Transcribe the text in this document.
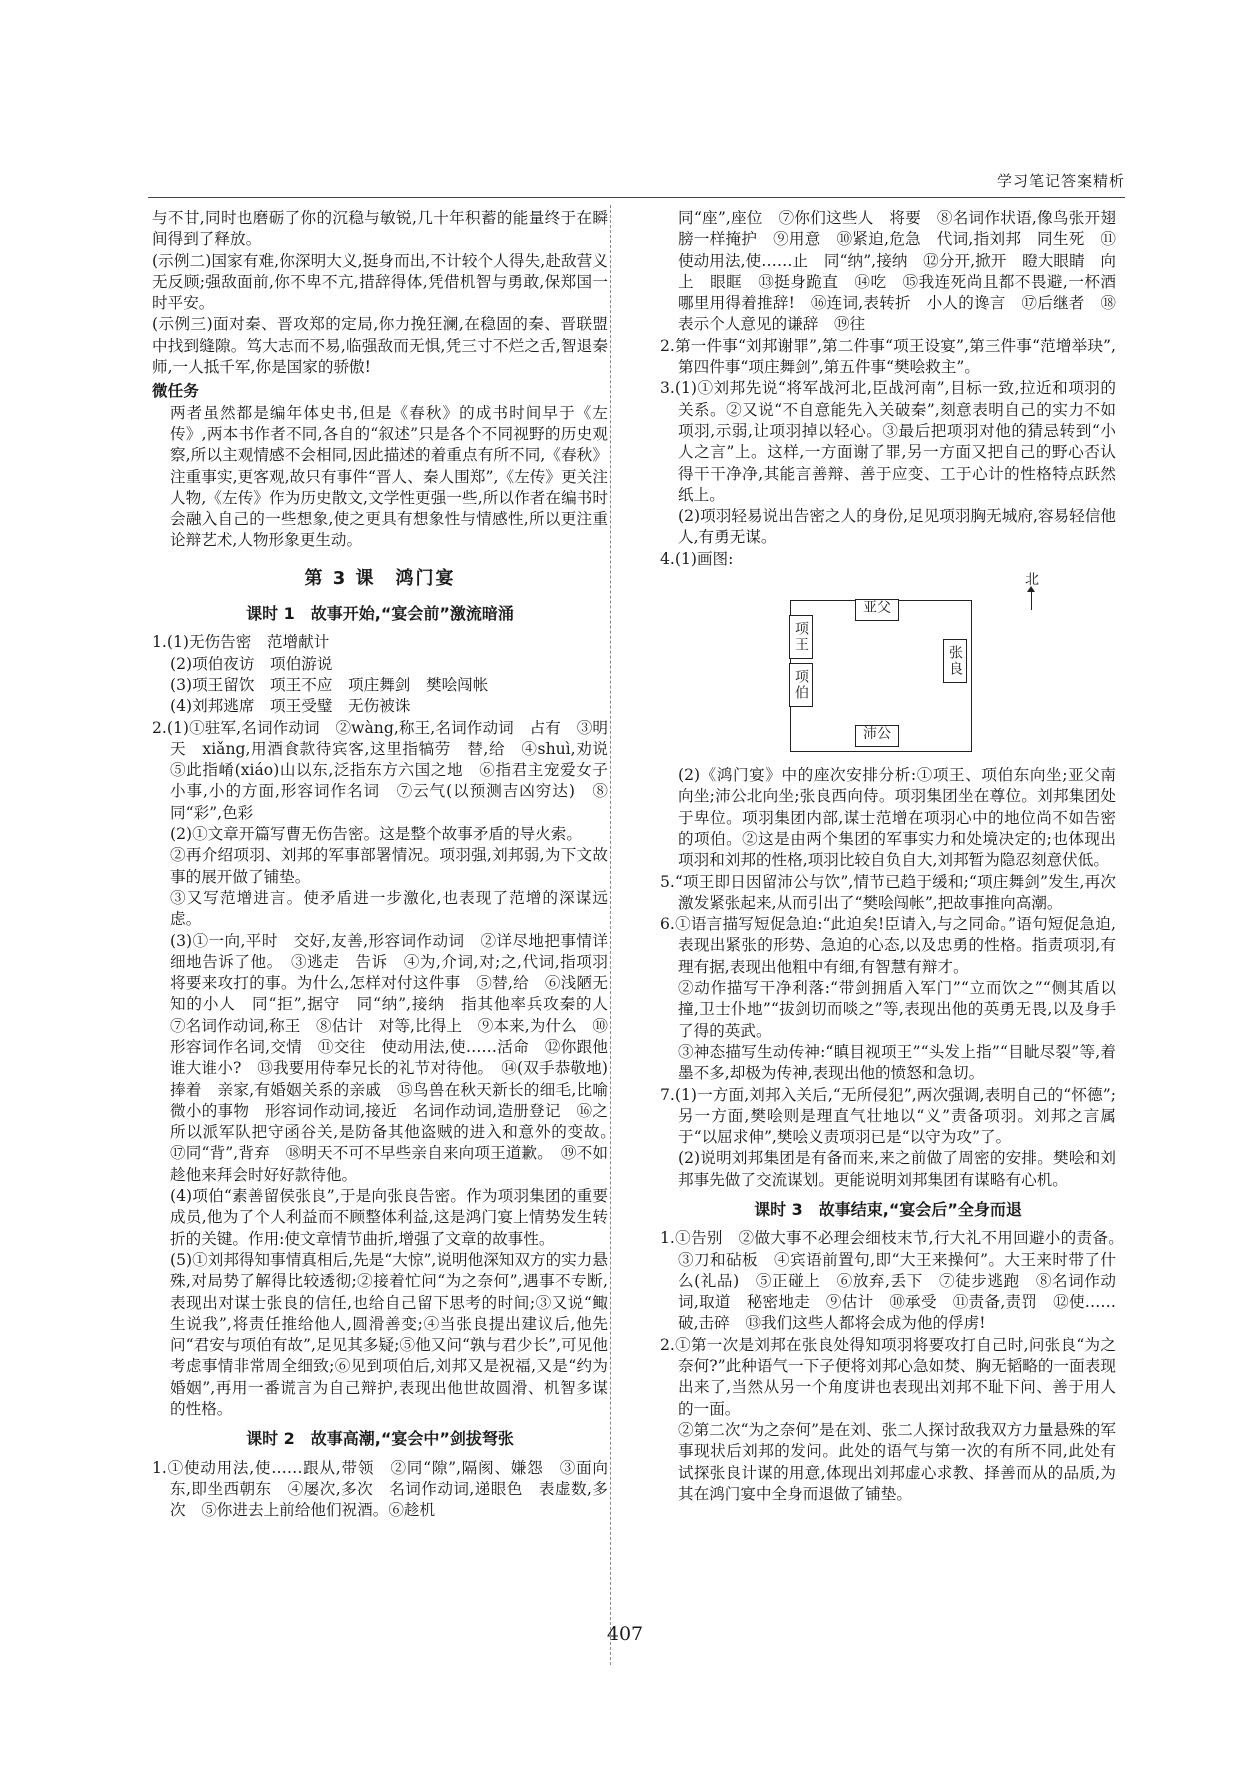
学习笔记答案精析

与不甘,同时也磨砺了你的沉稳与敏锐,几十年积蓄的能量终于在瞬间得到了释放。

(示例二)国家有难,你深明大义,挺身而出,不计较个人得失,赴敌营义无反顾;强敌面前,你不卑不亢,措辞得体,凭借机智与勇敢,保郑国一时平安。

(示例三)面对秦、晋攻郑的定局,你力挽狂澜,在稳固的秦、晋联盟中找到缝隙。笃大志而不易,临强敌而无惧,凭三寸不烂之舌,智退秦师,一人抵千军,你是国家的骄傲!

微任务

两者虽然都是编年体史书,但是《春秋》的成书时间早于《左传》,两本书作者不同,各自的“叙述”只是各个不同视野的历史观察,所以主观情感不会相同,因此描述的着重点有所不同,《春秋》注重事实,更客观,故只有事件“晋人、秦人围郑”,《左传》更关注人物,《左传》作为历史散文,文学性更强一些,所以作者在编书时会融入自己的一些想象,使之更具有想象性与情感性,所以更注重论辩艺术,人物形象更生动。

第 3 课　鸿门宴
课时 1　故事开始,“宴会前”激流暗涌

1.(1)无伤告密　范增献计

(2)项伯夜访　项伯游说

(3)项王留饮　项王不应　项庄舞剑　樊哙闯帐

(4)刘邦逃席　项王受璧　无伤被诛

2.(1)①驻军,名词作动词　②wàng,称王,名词作动词　占有　③明天　xiǎng,用酒食款待宾客,这里指犒劳　替,给　④shuì,劝说　⑤此指崤(xiáo)山以东,泛指东方六国之地　⑥指君主宠爱女子　小事,小的方面,形容词作名词　⑦云气(以预测吉凶穷达)　⑧同“彩”,色彩

(2)①文章开篇写曹无伤告密。这是整个故事矛盾的导火索。

②再介绍项羽、刘邦的军事部署情况。项羽强,刘邦弱,为下文故事的展开做了铺垫。

③又写范增进言。使矛盾进一步激化,也表现了范增的深谋远虑。

(3)①一向,平时　交好,友善,形容词作动词　②详尽地把事情详细地告诉了他。　③逃走　告诉　④为,介词,对;之,代词,指项羽将要来攻打的事。为什么,怎样对付这件事　⑤替,给　⑥浅陋无知的小人　同“拒”,据守　同“纳”,接纳　指其他率兵攻秦的人　⑦名词作动词,称王　⑧估计　对等,比得上　⑨本来,为什么　⑩　形容词作名词,交情　⑪交往　使动用法,使……活命　⑫你跟他谁大谁小?　⑬我要用侍奉兄长的礼节对待他。　⑭(双手恭敬地)捧着　亲家,有婚姻关系的亲戚　⑮鸟兽在秋天新长的细毛,比喻微小的事物　形容词作动词,接近　名词作动词,造册登记　⑯之所以派军队把守函谷关,是防备其他盗贼的进入和意外的变故。　⑰同“背”,背弃　⑱明天不可不早些亲自来向项王道歉。　⑲不如趁他来拜会时好好款待他。

(4)项伯“素善留侯张良”,于是向张良告密。作为项羽集团的重要成员,他为了个人利益而不顾整体利益,这是鸿门宴上情势发生转折的关键。作用:使文章情节曲折,增强了文章的故事性。

(5)①刘邦得知事情真相后,先是“大惊”,说明他深知双方的实力悬殊,对局势了解得比较透彻;②接着忙问“为之奈何”,遇事不专断,表现出对谋士张良的信任,也给自己留下思考的时间;③又说“鲰生说我”,将责任推给他人,圆滑善变;④当张良提出建议后,他先问“君安与项伯有故”,足见其多疑;⑤他又问“孰与君少长”,可见他考虑事情非常周全细致;⑥见到项伯后,刘邦又是祝福,又是“约为婚姻”,再用一番谎言为自己辩护,表现出他世故圆滑、机智多谋的性格。

课时 2　故事高潮,“宴会中”剑拔弩张

1.①使动用法,使……跟从,带领　②同“隙”,隔阂、嫌怨　③面向东,即坐西朝东　④屡次,多次　名词作动词,递眼色　表虚数,多次　⑤你进去上前给他们祝酒。⑥趁机

同“座”,座位　⑦你们这些人　将要　⑧名词作状语,像鸟张开翅膀一样掩护　⑨用意　⑩紧迫,危急　代词,指刘邦　同生死　⑪使动用法,使……止　同“纳”,接纳　⑫分开,掀开　瞪大眼睛　向上　眼眶　⑬挺身跪直　⑭吃　⑮我连死尚且都不畏避,一杯酒哪里用得着推辞!　⑯连词,表转折　小人的谗言　⑰后继者　⑱表示个人意见的谦辞　⑲往

2.第一件事“刘邦谢罪”,第二件事“项王设宴”,第三件事“范增举玦”,第四件事“项庄舞剑”,第五件事“樊哙救主”。

3.(1)①刘邦先说“将军战河北,臣战河南”,目标一致,拉近和项羽的关系。②又说“不自意能先入关破秦”,刻意表明自己的实力不如项羽,示弱,让项羽掉以轻心。③最后把项羽对他的猜忌转到“小人之言”上。这样,一方面谢了罪,另一方面又把自己的野心否认得干干净净,其能言善辩、善于应变、工于心计的性格特点跃然纸上。

(2)项羽轻易说出告密之人的身份,足见项羽胸无城府,容易轻信他人,有勇无谋。

4.(1)画图:

北
亚父
项王
项伯
张良
沛公

(2)《鸿门宴》中的座次安排分析:①项王、项伯东向坐;亚父南向坐;沛公北向坐;张良西向侍。项羽集团坐在尊位。刘邦集团处于卑位。项羽集团内部,谋士范增在项羽心中的地位尚不如告密的项伯。②这是由两个集团的军事实力和处境决定的;也体现出项羽和刘邦的性格,项羽比较自负自大,刘邦暂为隐忍刻意伏低。

5.“项王即日因留沛公与饮”,情节已趋于缓和;“项庄舞剑”发生,再次激发紧张起来,从而引出了“樊哙闯帐”,把故事推向高潮。

6.①语言描写短促急迫:“此迫矣!臣请入,与之同命。”语句短促急迫,表现出紧张的形势、急迫的心态,以及忠勇的性格。指责项羽,有理有据,表现出他粗中有细,有智慧有辩才。

②动作描写干净利落:“带剑拥盾入军门”“立而饮之”“侧其盾以撞,卫士仆地”“拔剑切而啖之”等,表现出他的英勇无畏,以及身手了得的英武。

③神态描写生动传神:“瞋目视项王”“头发上指”“目眦尽裂”等,着墨不多,却极为传神,表现出他的愤怒和急切。

7.(1)一方面,刘邦入关后,“无所侵犯”,两次强调,表明自己的“怀德”;另一方面,樊哙则是理直气壮地以“义”责备项羽。刘邦之言属于“以屈求伸”,樊哙义责项羽已是“以守为攻”了。

(2)说明刘邦集团是有备而来,来之前做了周密的安排。樊哙和刘邦事先做了交流谋划。更能说明刘邦集团有谋略有心机。

课时 3　故事结束,“宴会后”全身而退

1.①告别　②做大事不必理会细枝末节,行大礼不用回避小的责备。　③刀和砧板　④宾语前置句,即“大王来操何”。大王来时带了什么(礼品)　⑤正碰上　⑥放弃,丢下　⑦徒步逃跑　⑧名词作动词,取道　秘密地走　⑨估计　⑩承受　⑪责备,责罚　⑫使……破,击碎　⑬我们这些人都将会成为他的俘虏!

2.①第一次是刘邦在张良处得知项羽将要攻打自己时,问张良“为之奈何?”此种语气一下子便将刘邦心急如焚、胸无韬略的一面表现出来了,当然从另一个角度讲也表现出刘邦不耻下问、善于用人的一面。

②第二次“为之奈何”是在刘、张二人探讨敌我双方力量悬殊的军事现状后刘邦的发问。此处的语气与第一次的有所不同,此处有试探张良计谋的用意,体现出刘邦虚心求教、择善而从的品质,为其在鸿门宴中全身而退做了铺垫。

407
